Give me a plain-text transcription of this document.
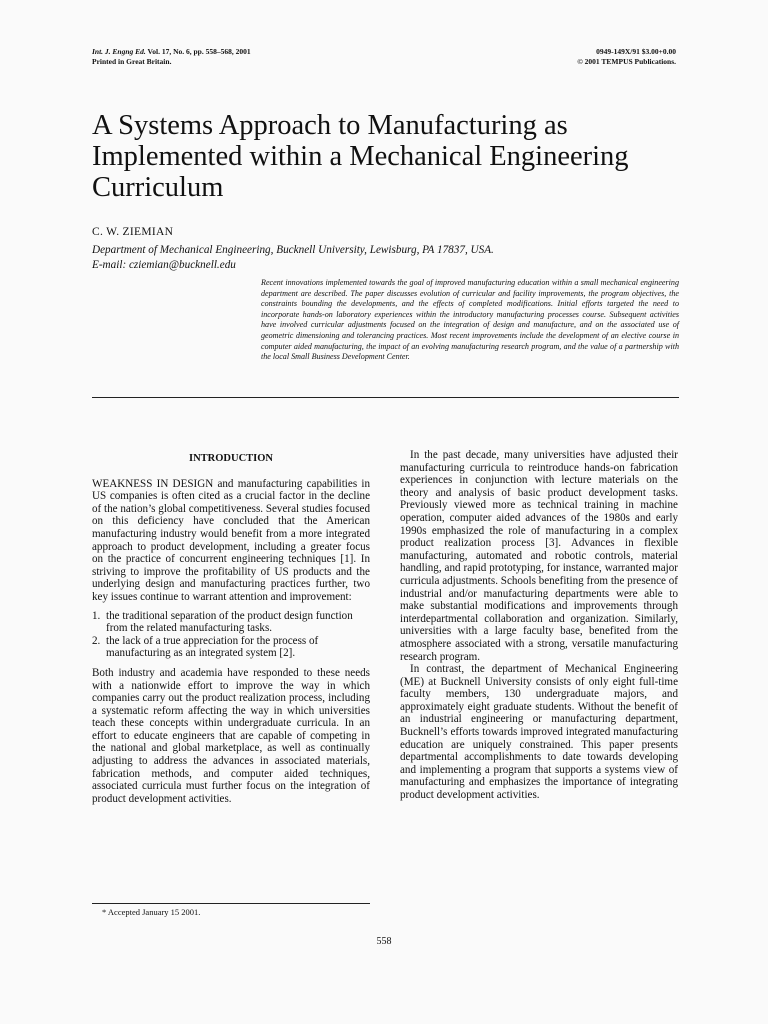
Int. J. Engng Ed. Vol. 17, No. 6, pp. 558–568, 2001
Printed in Great Britain.
0949-149X/91 $3.00+0.00
© 2001 TEMPUS Publications.
A Systems Approach to Manufacturing as Implemented within a Mechanical Engineering Curriculum
C. W. ZIEMIAN
Department of Mechanical Engineering, Bucknell University, Lewisburg, PA 17837, USA.
E-mail: cziemian@bucknell.edu

Recent innovations implemented towards the goal of improved manufacturing education within a small mechanical engineering department are described. The paper discusses evolution of curricular and facility improvements, the program objectives, the constraints bounding the developments, and the effects of completed modifications. Initial efforts targeted the need to incorporate hands-on laboratory experiences within the introductory manufacturing processes course. Subsequent activities have involved curricular adjustments focused on the integration of design and manufacture, and on the associated use of geometric dimensioning and tolerancing practices. Most recent improvements include the development of an elective course in computer aided manufacturing, the impact of an evolving manufacturing research program, and the value of a partnership with the local Small Business Development Center.

INTRODUCTION

WEAKNESS IN DESIGN and manufacturing capabilities in US companies is often cited as a crucial factor in the decline of the nation’s global competitiveness. Several studies focused on this deficiency have concluded that the American manufacturing industry would benefit from a more integrated approach to product development, including a greater focus on the practice of concurrent engineering techniques [1]. In striving to improve the profitability of US products and the underlying design and manufacturing practices further, two key issues continue to warrant attention and improvement:

1. the traditional separation of the product design function from the related manufacturing tasks.
2. the lack of a true appreciation for the process of manufacturing as an integrated system [2].

Both industry and academia have responded to these needs with a nationwide effort to improve the way in which companies carry out the product realization process, including a systematic reform affecting the way in which universities teach these concepts within undergraduate curricula. In an effort to educate engineers that are capable of competing in the national and global marketplace, as well as continually adjusting to address the advances in associated materials, fabrication methods, and computer aided techniques, associated curricula must further focus on the integration of product development activities.

In the past decade, many universities have adjusted their manufacturing curricula to reintroduce hands-on fabrication experiences in conjunction with lecture materials on the theory and analysis of basic product development tasks. Previously viewed more as technical training in machine operation, computer aided advances of the 1980s and early 1990s emphasized the role of manufacturing in a complex product realization process [3]. Advances in flexible manufacturing, automated and robotic controls, material handling, and rapid prototyping, for instance, warranted major curricula adjustments. Schools benefiting from the presence of industrial and/or manufacturing departments were able to make substantial modifications and improvements through interdepartmental collaboration and organization. Similarly, universities with a large faculty base, benefited from the atmosphere associated with a strong, versatile manufacturing research program.

In contrast, the department of Mechanical Engineering (ME) at Bucknell University consists of only eight full-time faculty members, 130 undergraduate majors, and approximately eight graduate students. Without the benefit of an industrial engineering or manufacturing department, Bucknell’s efforts towards improved integrated manufacturing education are uniquely constrained. This paper presents departmental accomplishments to date towards developing and implementing a program that supports a systems view of manufacturing and emphasizes the importance of integrating product development activities.

* Accepted January 15 2001.
558
